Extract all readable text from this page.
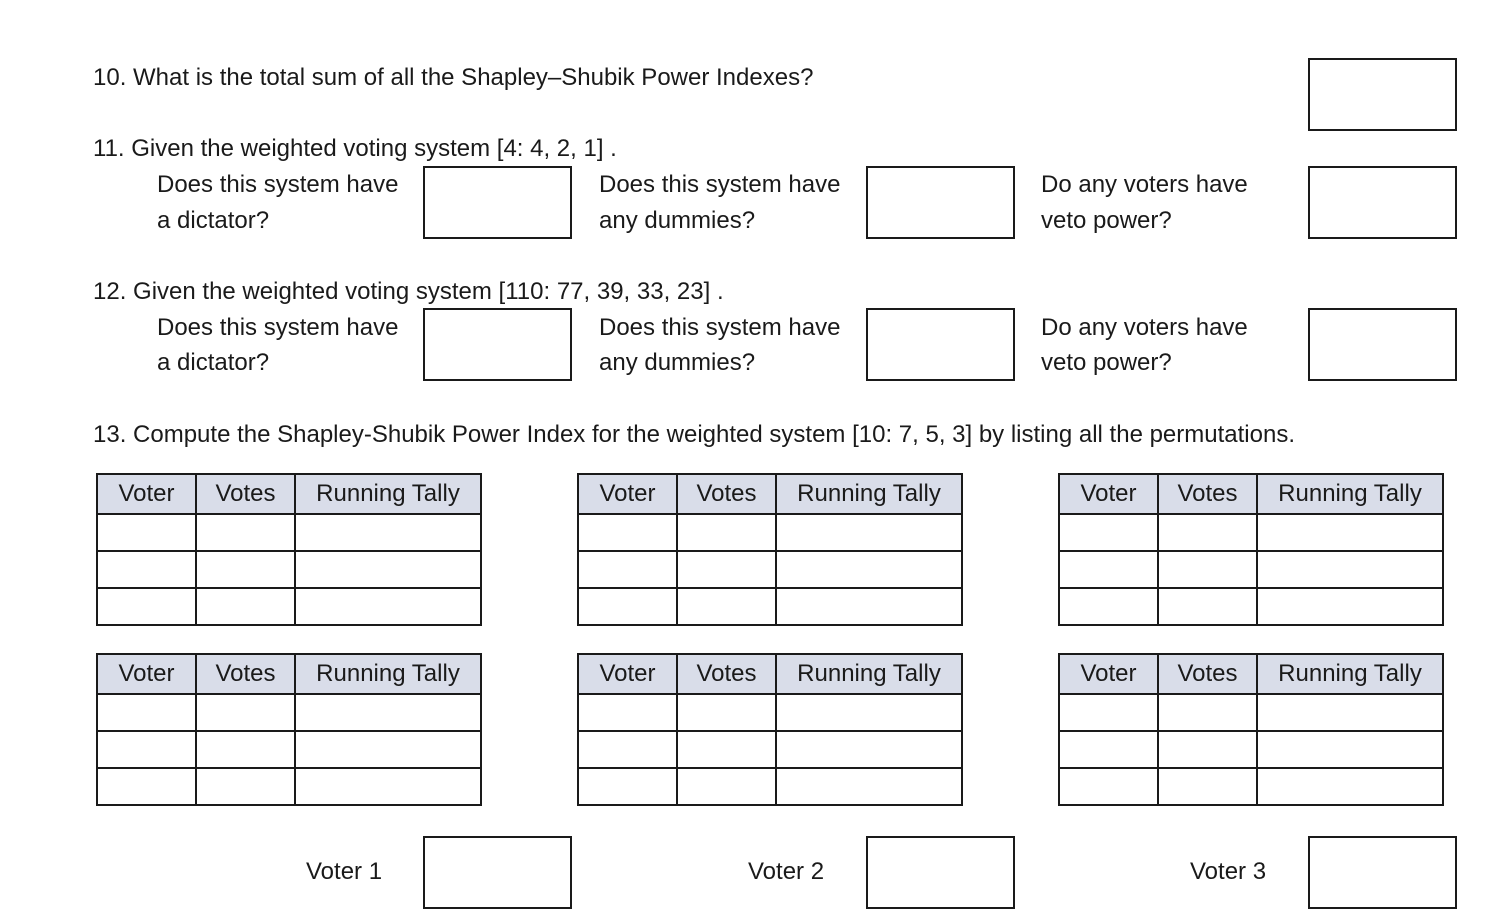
10. What is the total sum of all the Shapley–Shubik Power Indexes?
11. Given the weighted voting system [4: 4, 2, 1] .
Does this system have
a dictator?
Does this system have
any dummies?
Do any voters have
veto power?
12. Given the weighted voting system [110: 77, 39, 33, 23] .
Does this system have
a dictator?
Does this system have
any dummies?
Do any voters have
veto power?
13. Compute the Shapley-Shubik Power Index for the weighted system [10: 7, 5, 3] by listing all the permutations.
Voter	Votes	Running Tally

			Voter	Votes	Running Tally

			Voter	Votes	Running Tally

Voter	Votes	Running Tally

			Voter	Votes	Running Tally

			Voter	Votes	Running Tally

Voter 1	Voter 2	Voter 3
